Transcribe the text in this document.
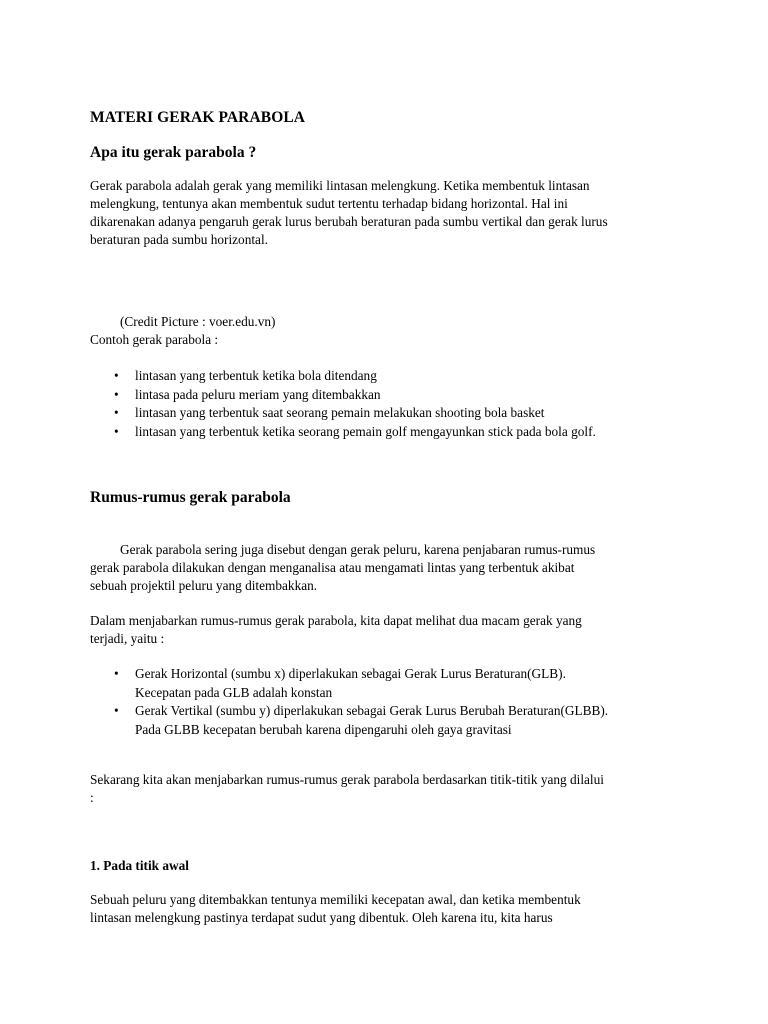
MATERI GERAK PARABOLA
Apa itu gerak parabola ?
Gerak parabola adalah gerak yang memiliki lintasan melengkung. Ketika membentuk lintasan
melengkung, tentunya akan membentuk sudut tertentu terhadap bidang horizontal. Hal ini
dikarenakan adanya pengaruh gerak lurus berubah beraturan pada sumbu vertikal dan gerak lurus
beraturan pada sumbu horizontal.
(Credit Picture : voer.edu.vn)
Contoh gerak parabola :
• lintasan yang terbentuk ketika bola ditendang
• lintasa pada peluru meriam yang ditembakkan
• lintasan yang terbentuk saat seorang pemain melakukan shooting bola basket
• lintasan yang terbentuk ketika seorang pemain golf mengayunkan stick pada bola golf.
Rumus-rumus gerak parabola
Gerak parabola sering juga disebut dengan gerak peluru, karena penjabaran rumus-rumus
gerak parabola dilakukan dengan menganalisa atau mengamati lintas yang terbentuk akibat
sebuah projektil peluru yang ditembakkan.
Dalam menjabarkan rumus-rumus gerak parabola, kita dapat melihat dua macam gerak yang
terjadi, yaitu :
• Gerak Horizontal (sumbu x) diperlakukan sebagai Gerak Lurus Beraturan(GLB).
Kecepatan pada GLB adalah konstan
• Gerak Vertikal (sumbu y) diperlakukan sebagai Gerak Lurus Berubah Beraturan(GLBB).
Pada GLBB kecepatan berubah karena dipengaruhi oleh gaya gravitasi
Sekarang kita akan menjabarkan rumus-rumus gerak parabola berdasarkan titik-titik yang dilalui
:
1. Pada titik awal
Sebuah peluru yang ditembakkan tentunya memiliki kecepatan awal, dan ketika membentuk
lintasan melengkung pastinya terdapat sudut yang dibentuk. Oleh karena itu, kita harus
